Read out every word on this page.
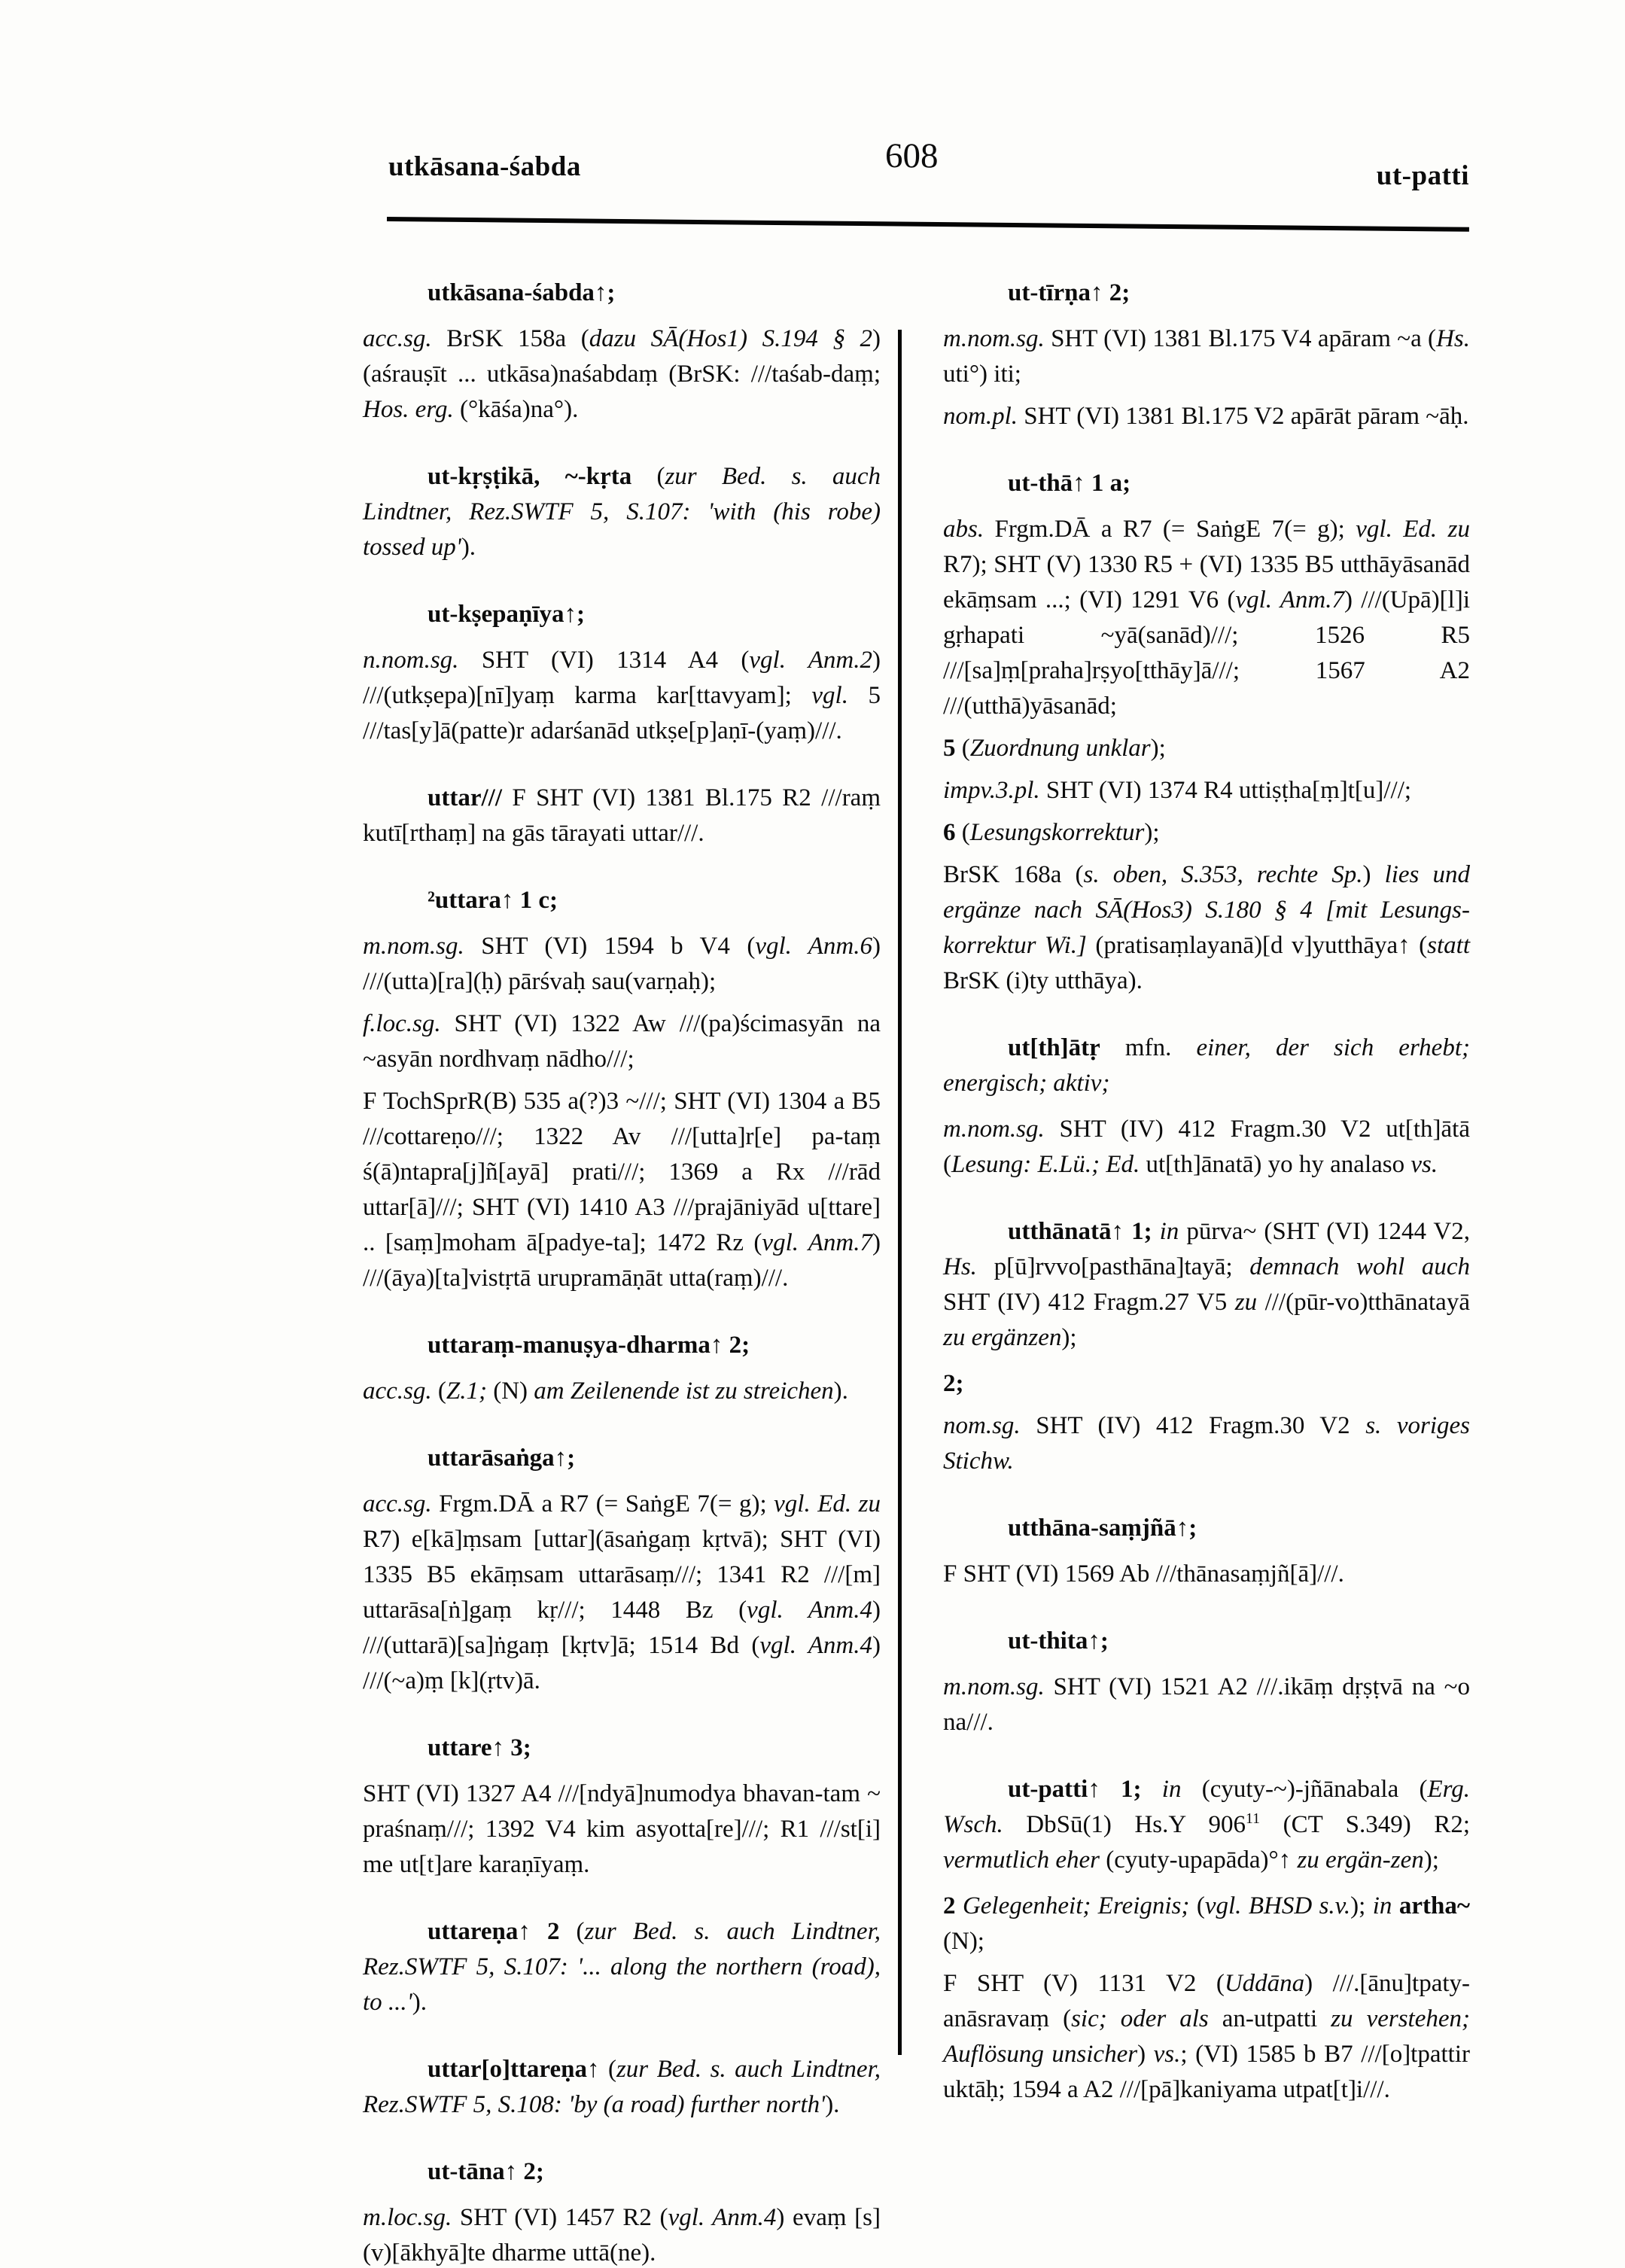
utkāsana-śabda	608
ut-patti

utkāsana-śabda↑;

acc.sg. BrSK 158a (dazu SĀ(Hos1) S.194 § 2) (aśrauṣīt ... utkāsa)naśabdaṃ (BrSK: ///taśab-daṃ; Hos. erg. (°kāśa)na°).

ut-kṛṣṭikā, ~-kṛta (zur Bed. s. auch Lindtner, Rez.SWTF 5, S.107: 'with (his robe) tossed up').

ut-kṣepaṇīya↑;

n.nom.sg. SHT (VI) 1314 A4 (vgl. Anm.2) ///(utkṣepa)[nī]yaṃ karma kar[ttavyam]; vgl. 5 ///tas[y]ā(patte)r adarśanād utkṣe[p]aṇī-(yaṃ)///.

uttar/// F SHT (VI) 1381 Bl.175 R2 ///raṃ kutī[rthaṃ] na gās tārayati uttar///.

²uttara↑ 1 c;

m.nom.sg. SHT (VI) 1594 b V4 (vgl. Anm.6) ///(utta)[ra](ḥ) pārśvaḥ sau(varṇaḥ);

f.loc.sg. SHT (VI) 1322 Aw ///(pa)ścimasyān na ~asyān nordhvaṃ nādho///;

F TochSprR(B) 535 a(?)3 ~///; SHT (VI) 1304 a B5 ///cottareṇo///; 1322 Av ///[utta]r[e] pa-taṃ ś(ā)ntapra[j]ñ[ayā] prati///; 1369 a Rx ///rād uttar[ā]///; SHT (VI) 1410 A3 ///prajāniyād u[ttare] .. [saṃ]moham ā[padye-ta]; 1472 Rz (vgl. Anm.7) ///(āya)[ta]vistṛtā urupramāṇāt utta(raṃ)///.

uttaraṃ-manuṣya-dharma↑ 2;

acc.sg. (Z.1; (N) am Zeilenende ist zu streichen).

uttarāsaṅga↑;

acc.sg. Frgm.DĀ a R7 (= SaṅgE 7(= g); vgl. Ed. zu R7) e[kā]ṃsam [uttar](āsaṅgaṃ kṛtvā); SHT (VI) 1335 B5 ekāṃsam uttarāsaṃ///; 1341 R2 ///[m] uttarāsa[ṅ]gaṃ kṛ///; 1448 Bz (vgl. Anm.4) ///(uttarā)[sa]ṅgaṃ [kṛtv]ā; 1514 Bd (vgl. Anm.4) ///(~a)ṃ [k](ṛtv)ā.

uttare↑ 3;

SHT (VI) 1327 A4 ///[ndyā]numodya bhavan-tam ~ praśnaṃ///; 1392 V4 kim asyotta[re]///; R1 ///st[i] me ut[t]are karaṇīyaṃ.

uttareṇa↑ 2 (zur Bed. s. auch Lindtner, Rez.SWTF 5, S.107: '... along the northern (road), to ...').

uttar[o]ttareṇa↑ (zur Bed. s. auch Lindtner, Rez.SWTF 5, S.108: 'by (a road) further north').

ut-tāna↑ 2;

m.loc.sg. SHT (VI) 1457 R2 (vgl. Anm.4) evaṃ [s](v)[ākhyā]te dharme uttā(ne).

ut-tīrṇa↑ 2;

m.nom.sg. SHT (VI) 1381 Bl.175 V4 apāram ~a (Hs. uti°) iti;

nom.pl. SHT (VI) 1381 Bl.175 V2 apārāt pāram ~āḥ.

ut-thā↑ 1 a;

abs. Frgm.DĀ a R7 (= SaṅgE 7(= g); vgl. Ed. zu R7); SHT (V) 1330 R5 + (VI) 1335 B5 utthāyāsanād ekāṃsam ...; (VI) 1291 V6 (vgl. Anm.7) ///(Upā)[l]i gṛhapati ~yā(sanād)///; 1526 R5 ///[sa]ṃ[praha]rṣyo[tthāy]ā///; 1567 A2 ///(utthā)yāsanād;

5 (Zuordnung unklar);

impv.3.pl. SHT (VI) 1374 R4 uttiṣṭha[ṃ]t[u]///;

6 (Lesungskorrektur);

BrSK 168a (s. oben, S.353, rechte Sp.) lies und ergänze nach SĀ(Hos3) S.180 § 4 [mit Lesungs-korrektur Wi.] (pratisaṃlayanā)[d v]yutthāya↑ (statt BrSK (i)ty utthāya).

ut[th]ātṛ mfn. einer, der sich erhebt; energisch; aktiv;

m.nom.sg. SHT (IV) 412 Fragm.30 V2 ut[th]ātā (Lesung: E.Lü.; Ed. ut[th]ānatā) yo hy analaso vs.

utthānatā↑ 1; in pūrva~ (SHT (VI) 1244 V2, Hs. p[ū]rvvo[pasthāna]tayā; demnach wohl auch SHT (IV) 412 Fragm.27 V5 zu ///(pūr-vo)tthānatayā zu ergänzen);

2;

nom.sg. SHT (IV) 412 Fragm.30 V2 s. voriges Stichw.

utthāna-saṃjñā↑;

F SHT (VI) 1569 Ab ///thānasaṃjñ[ā]///.

ut-thita↑;

m.nom.sg. SHT (VI) 1521 A2 ///.ikāṃ dṛṣṭvā na ~o na///.

ut-patti↑ 1; in (cyuty-~)-jñānabala (Erg. Wsch. DbSū(1) Hs.Y $906^{11}$ (CT S.349) R2; vermutlich eher (cyuty-upapāda)°↑ zu ergän-zen);

2 Gelegenheit; Ereignis; (vgl. BHSD s.v.); in artha~ (N);

F SHT (V) 1131 V2 (Uddāna) ///.[ānu]tpaty-anāsravaṃ (sic; oder als an-utpatti zu verstehen; Auflösung unsicher) vs.; (VI) 1585 b B7 ///[o]tpattir uktāḥ; 1594 a A2 ///[pā]kaniyama utpat[t]i///.
